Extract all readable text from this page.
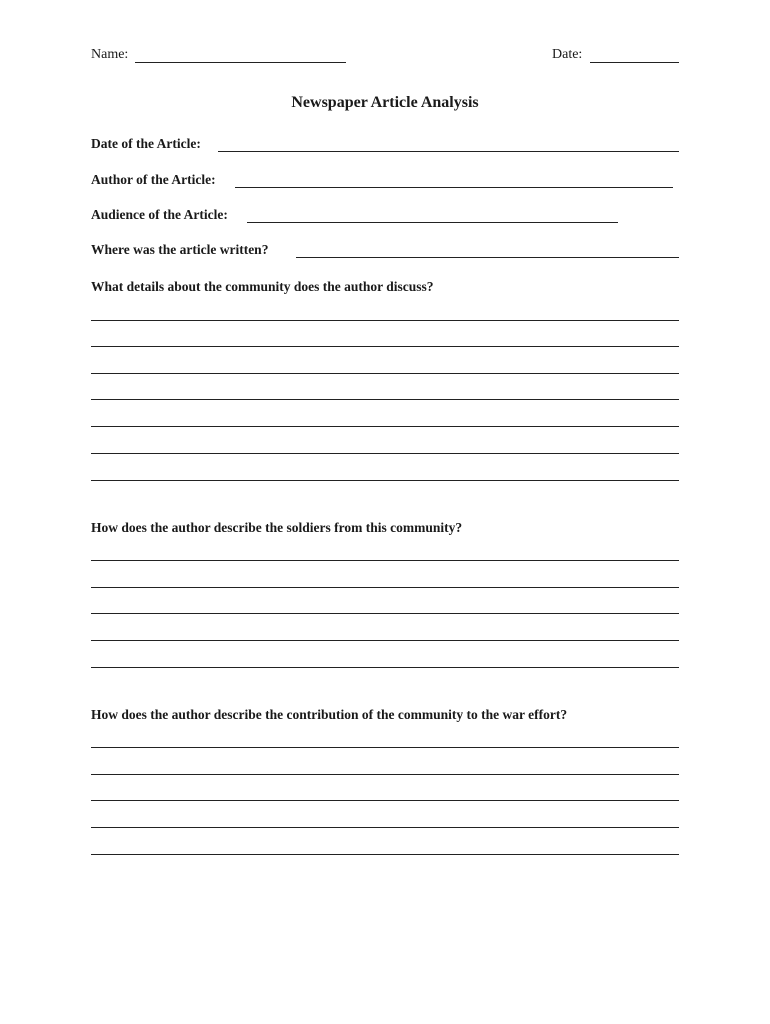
Name:	Date:
Newspaper Article Analysis
Date of the Article:
Author of the Article:
Audience of the Article:
Where was the article written?
What details about the community does the author discuss?
How does the author describe the soldiers from this community?
How does the author describe the contribution of the community to the war effort?
